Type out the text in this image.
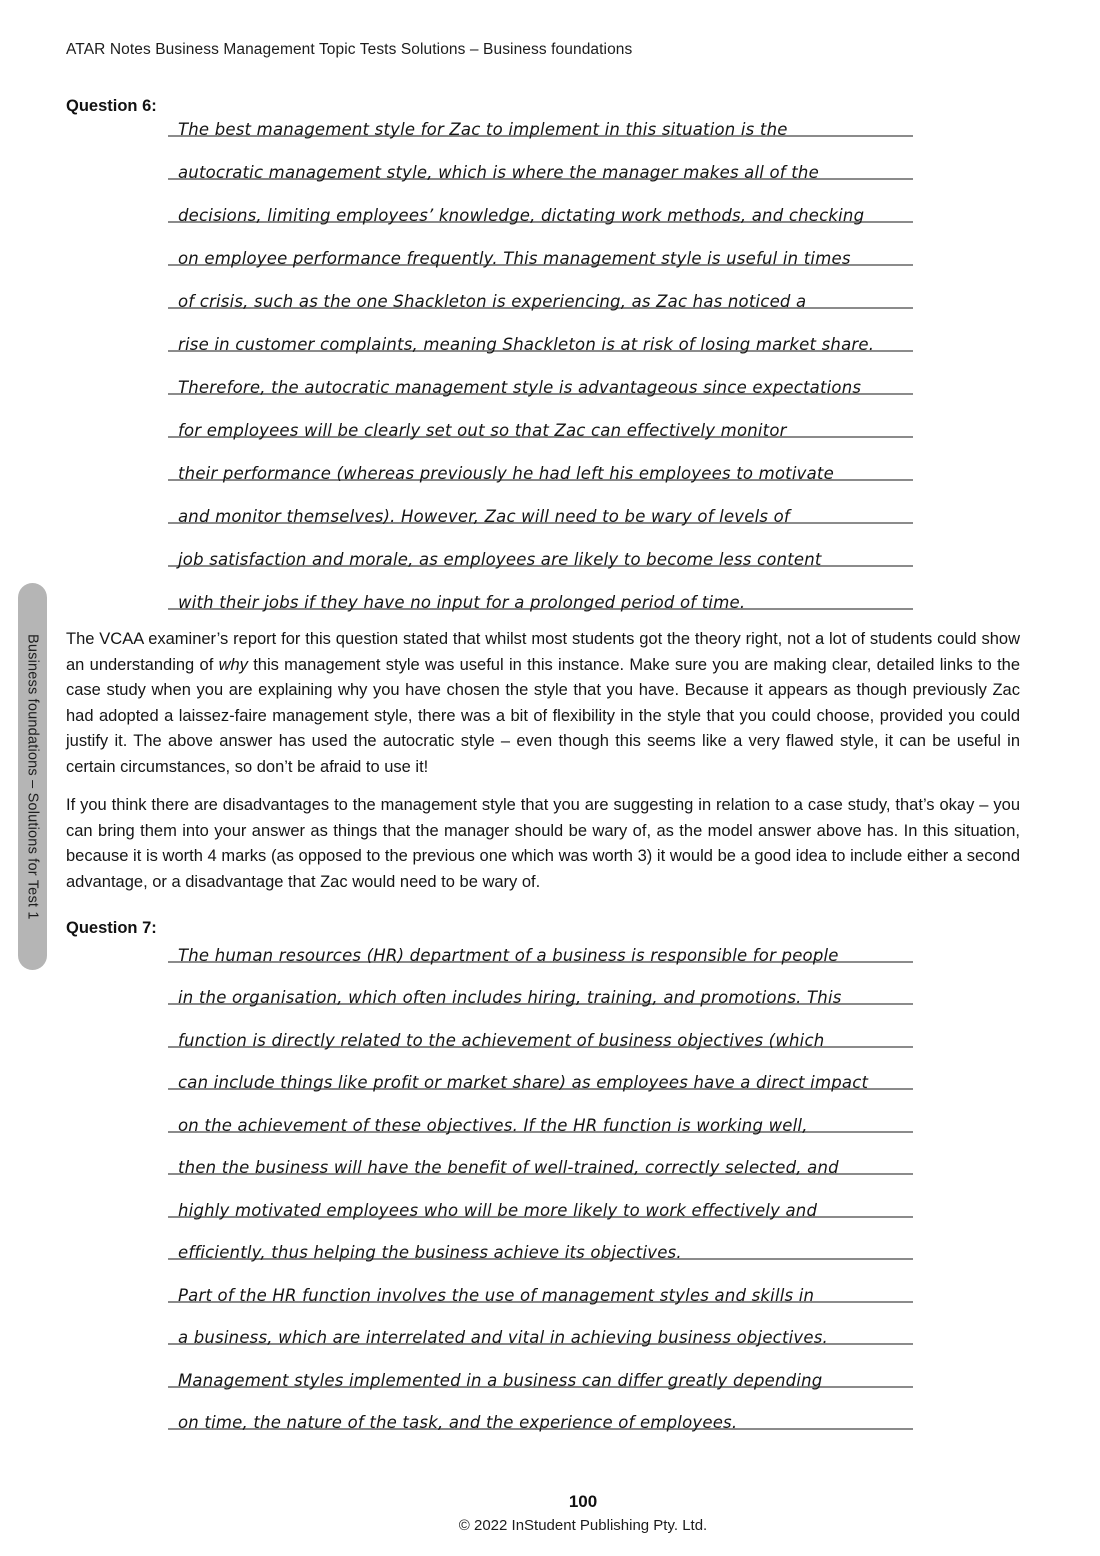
ATAR Notes Business Management Topic Tests Solutions – Business foundations
Business foundations – Solutions for Test 1
Question 6:
The best management style for Zac to implement in this situation is the
autocratic management style, which is where the manager makes all of the
decisions, limiting employees’ knowledge, dictating work methods, and checking
on employee performance frequently. This management style is useful in times
of crisis, such as the one Shackleton is experiencing, as Zac has noticed a
rise in customer complaints, meaning Shackleton is at risk of losing market share.
Therefore, the autocratic management style is advantageous since expectations
for employees will be clearly set out so that Zac can effectively monitor
their performance (whereas previously he had left his employees to motivate
and monitor themselves). However, Zac will need to be wary of levels of
job satisfaction and morale, as employees are likely to become less content
with their jobs if they have no input for a prolonged period of time.

The VCAA examiner’s report for this question stated that whilst most students got the theory right, not a lot of students could show an understanding of why this management style was useful in this instance. Make sure you are making clear, detailed links to the case study when you are explaining why you have chosen the style that you have. Because it appears as though previously Zac had adopted a laissez-faire management style, there was a bit of flexibility in the style that you could choose, provided you could justify it. The above answer has used the autocratic style – even though this seems like a very flawed style, it can be useful in certain circumstances, so don’t be afraid to use it!

If you think there are disadvantages to the management style that you are suggesting in relation to a case study, that’s okay – you can bring them into your answer as things that the manager should be wary of, as the model answer above has. In this situation, because it is worth 4 marks (as opposed to the previous one which was worth 3) it would be a good idea to include either a second advantage, or a disadvantage that Zac would need to be wary of.

Question 7:
The human resources (HR) department of a business is responsible for people
in the organisation, which often includes hiring, training, and promotions. This
function is directly related to the achievement of business objectives (which
can include things like profit or market share) as employees have a direct impact
on the achievement of these objectives. If the HR function is working well,
then the business will have the benefit of well-trained, correctly selected, and
highly motivated employees who will be more likely to work effectively and
efficiently, thus helping the business achieve its objectives.
Part of the HR function involves the use of management styles and skills in
a business, which are interrelated and vital in achieving business objectives.
Management styles implemented in a business can differ greatly depending
on time, the nature of the task, and the experience of employees.
100
© 2022 InStudent Publishing Pty. Ltd.
